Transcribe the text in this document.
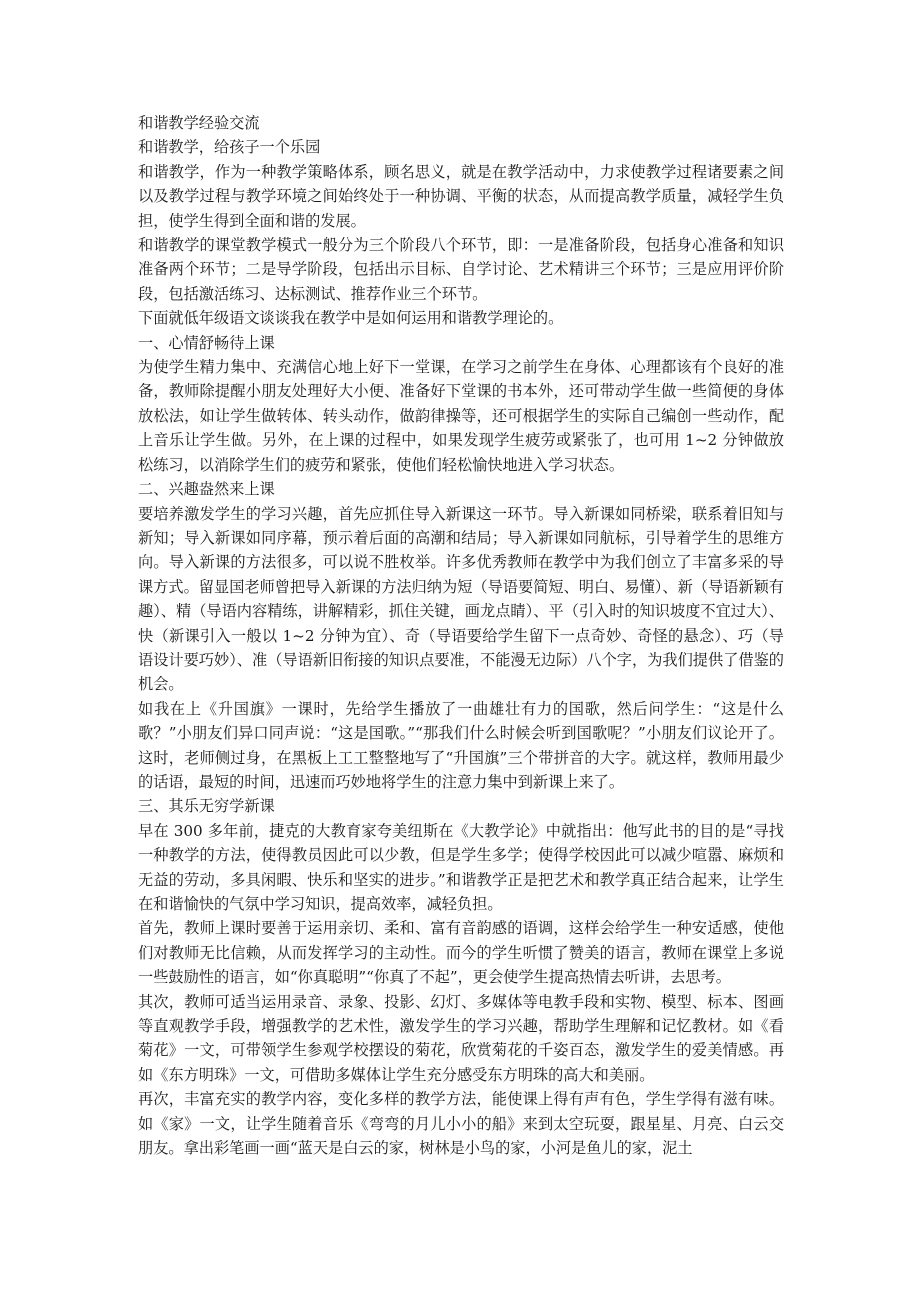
和谐教学经验交流

和谐教学，给孩子一个乐园

和谐教学，作为一种教学策略体系，顾名思义，就是在教学活动中，力求使教学过程诸要素之间以及教学过程与教学环境之间始终处于一种协调、平衡的状态，从而提高教学质量，减轻学生负担，使学生得到全面和谐的发展。

和谐教学的课堂教学模式一般分为三个阶段八个环节，即：一是准备阶段，包括身心准备和知识准备两个环节；二是导学阶段，包括出示目标、自学讨论、艺术精讲三个环节；三是应用评价阶段，包括激活练习、达标测试、推荐作业三个环节。

下面就低年级语文谈谈我在教学中是如何运用和谐教学理论的。

一、心情舒畅待上课

为使学生精力集中、充满信心地上好下一堂课，在学习之前学生在身体、心理都该有个良好的准备，教师除提醒小朋友处理好大小便、准备好下堂课的书本外，还可带动学生做一些简便的身体放松法，如让学生做转体、转头动作，做韵律操等，还可根据学生的实际自己编创一些动作，配上音乐让学生做。另外，在上课的过程中，如果发现学生疲劳或紧张了，也可用 1~2 分钟做放松练习，以消除学生们的疲劳和紧张，使他们轻松愉快地进入学习状态。

二、兴趣盎然来上课

要培养激发学生的学习兴趣，首先应抓住导入新课这一环节。导入新课如同桥梁，联系着旧知与新知；导入新课如同序幕，预示着后面的高潮和结局；导入新课如同航标，引导着学生的思维方向。导入新课的方法很多，可以说不胜枚举。许多优秀教师在教学中为我们创立了丰富多采的导课方式。留显国老师曾把导入新课的方法归纳为短（导语要简短、明白、易懂）、新（导语新颖有趣）、精（导语内容精练，讲解精彩，抓住关键，画龙点睛）、平（引入时的知识坡度不宜过大）、快（新课引入一般以 1~2 分钟为宜）、奇（导语要给学生留下一点奇妙、奇怪的悬念）、巧（导语设计要巧妙）、准（导语新旧衔接的知识点要准，不能漫无边际）八个字，为我们提供了借鉴的机会。

如我在上《升国旗》一课时，先给学生播放了一曲雄壮有力的国歌，然后问学生：“这是什么歌？”小朋友们异口同声说：“这是国歌。”“那我们什么时候会听到国歌呢？”小朋友们议论开了。这时，老师侧过身，在黑板上工工整整地写了“升国旗”三个带拼音的大字。就这样，教师用最少的话语，最短的时间，迅速而巧妙地将学生的注意力集中到新课上来了。

三、其乐无穷学新课

早在 300 多年前，捷克的大教育家夸美纽斯在《大教学论》中就指出：他写此书的目的是“寻找一种教学的方法，使得教员因此可以少教，但是学生多学；使得学校因此可以减少喧嚣、麻烦和无益的劳动，多具闲暇、快乐和坚实的进步。”和谐教学正是把艺术和教学真正结合起来，让学生在和谐愉快的气氛中学习知识，提高效率，减轻负担。

首先，教师上课时要善于运用亲切、柔和、富有音韵感的语调，这样会给学生一种安适感，使他们对教师无比信赖，从而发挥学习的主动性。而今的学生听惯了赞美的语言，教师在课堂上多说一些鼓励性的语言，如“你真聪明”“你真了不起”，更会使学生提高热情去听讲，去思考。

其次，教师可适当运用录音、录象、投影、幻灯、多媒体等电教手段和实物、模型、标本、图画等直观教学手段，增强教学的艺术性，激发学生的学习兴趣，帮助学生理解和记忆教材。如《看菊花》一文，可带领学生参观学校摆设的菊花，欣赏菊花的千姿百态，激发学生的爱美情感。再如《东方明珠》一文，可借助多媒体让学生充分感受东方明珠的高大和美丽。

再次，丰富充实的教学内容，变化多样的教学方法，能使课上得有声有色，学生学得有滋有味。如《家》一文，让学生随着音乐《弯弯的月儿小小的船》来到太空玩耍，跟星星、月亮、白云交朋友。拿出彩笔画一画“蓝天是白云的家，树林是小鸟的家，小河是鱼儿的家，泥土
